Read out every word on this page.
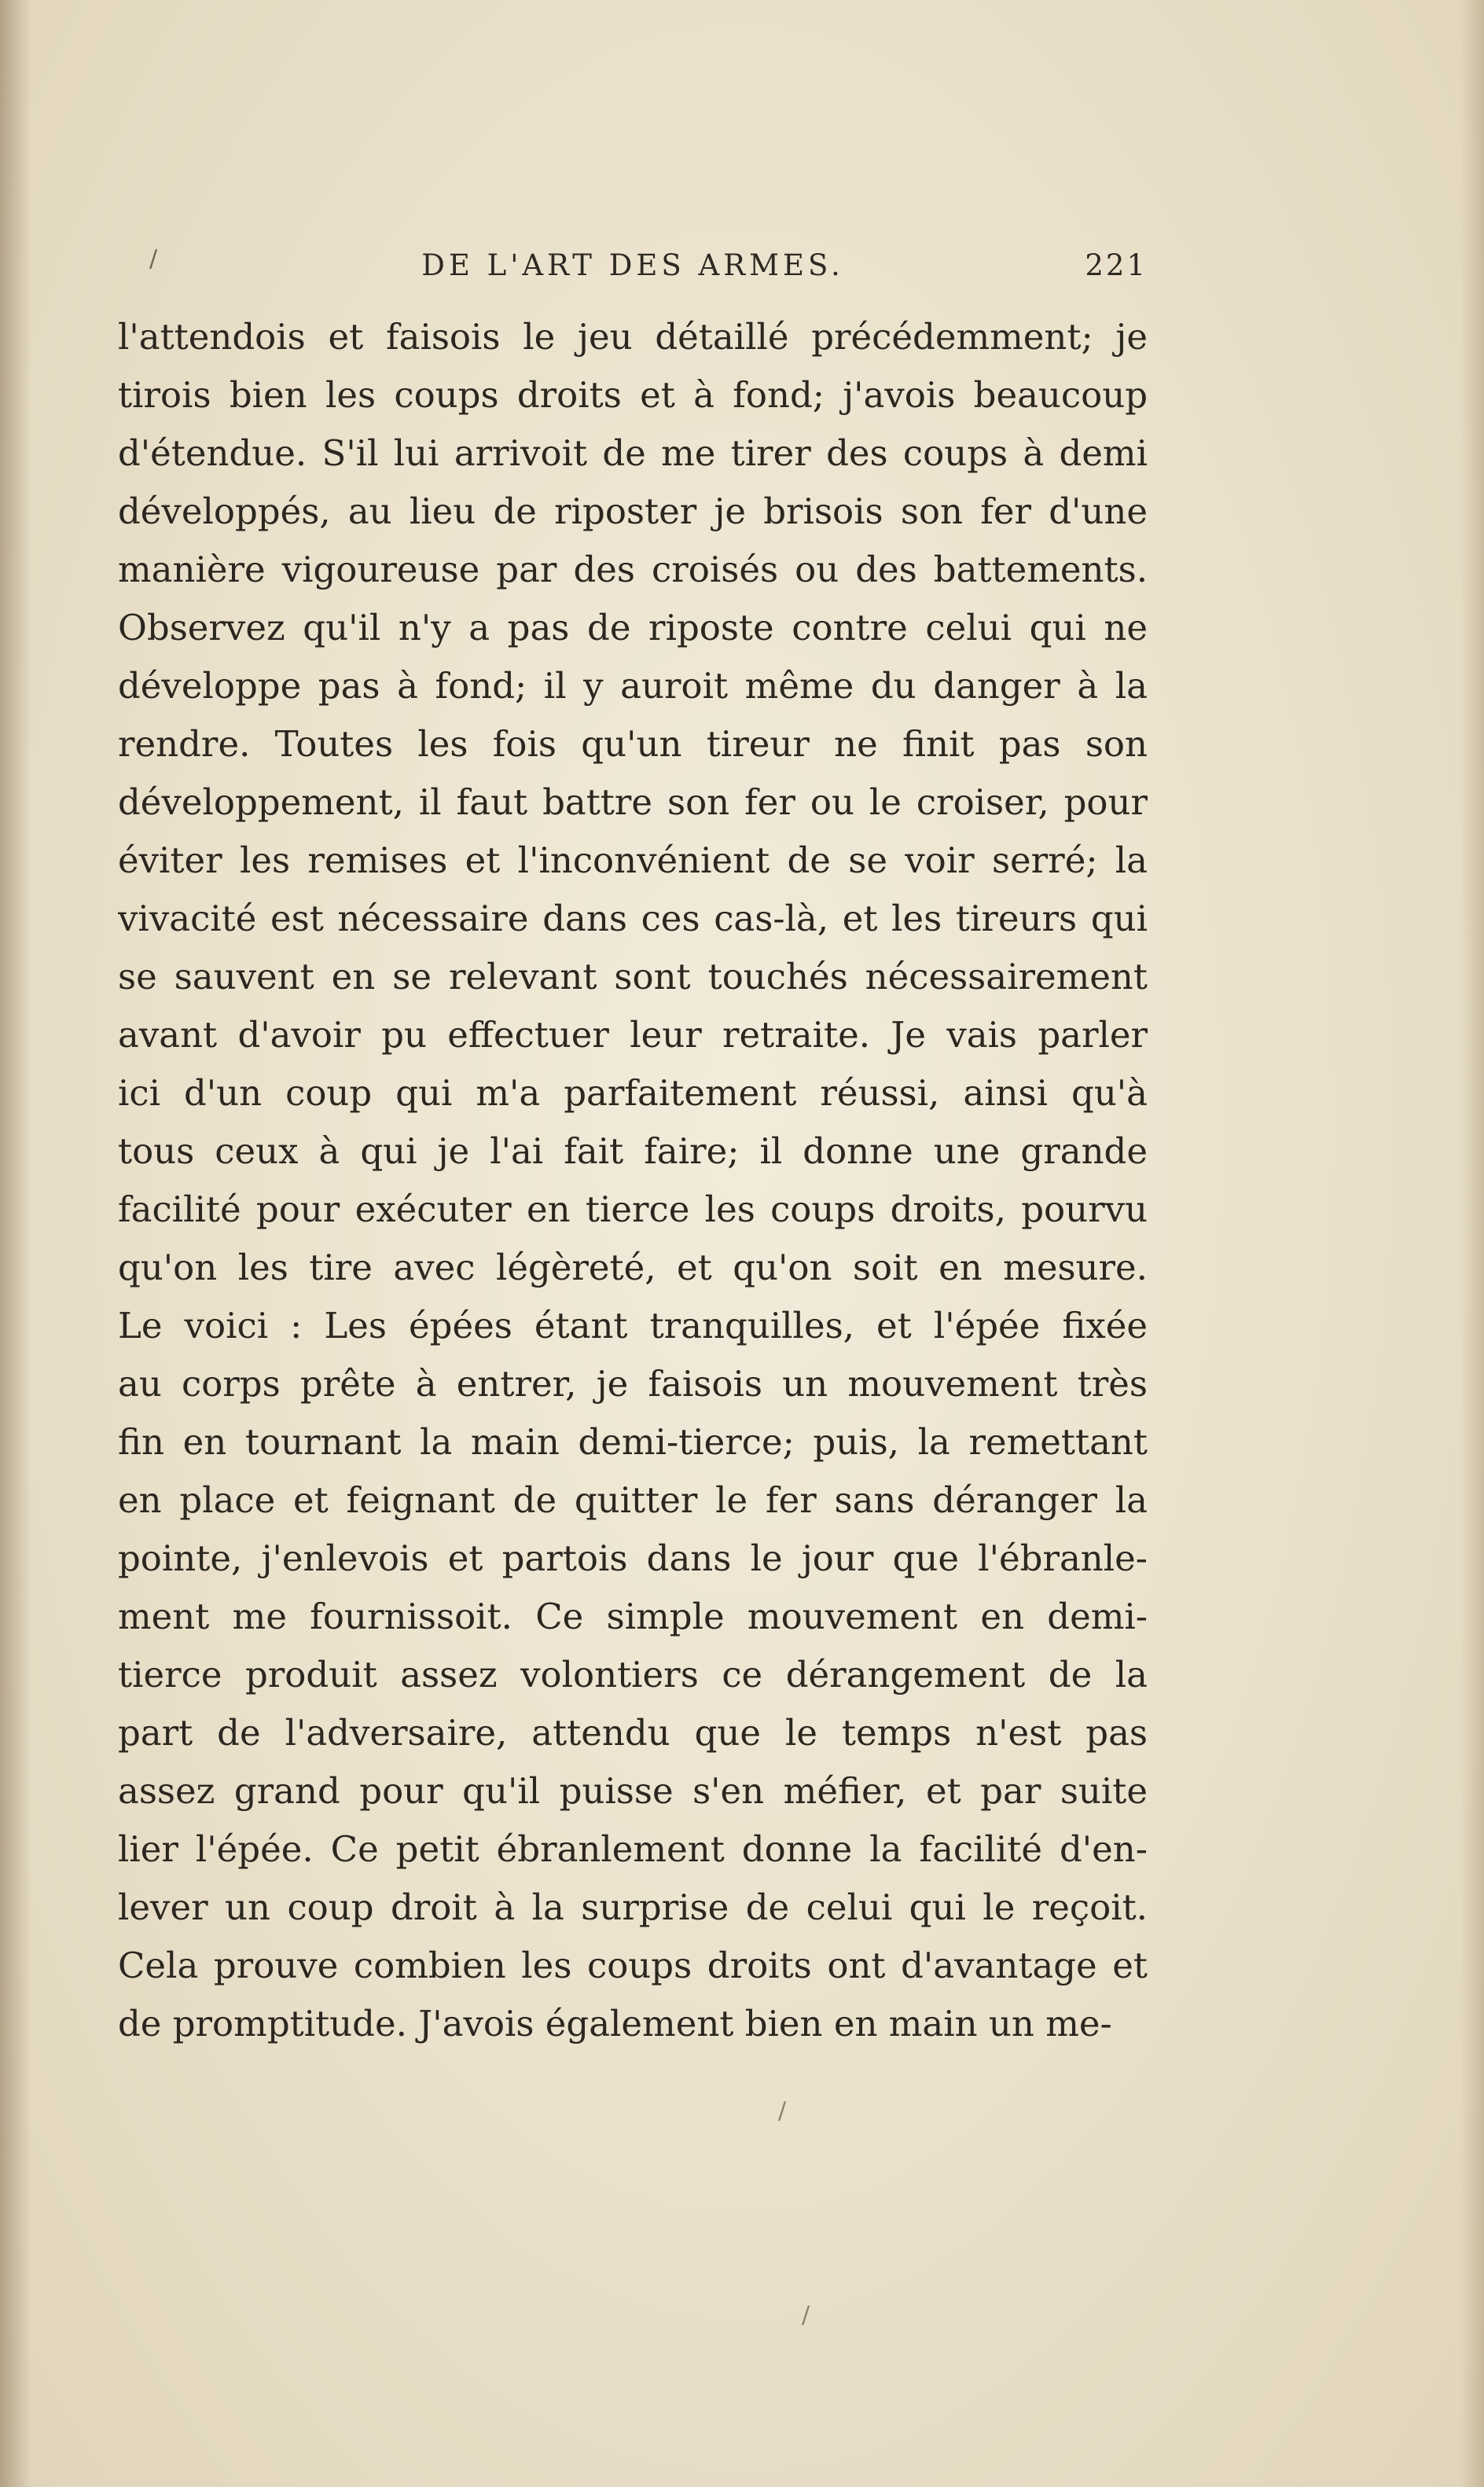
/	DE L'ART DES ARMES.	221
l'attendois et faisois le jeu détaillé précédemment; je
tirois bien les coups droits et à fond; j'avois beaucoup
d'étendue. S'il lui arrivoit de me tirer des coups à demi
développés, au lieu de riposter je brisois son fer d'une
manière vigoureuse par des croisés ou des battements.
Observez qu'il n'y a pas de riposte contre celui qui ne
développe pas à fond; il y auroit même du danger à la
rendre. Toutes les fois qu'un tireur ne finit pas son
développement, il faut battre son fer ou le croiser, pour
éviter les remises et l'inconvénient de se voir serré; la
vivacité est nécessaire dans ces cas-là, et les tireurs qui
se sauvent en se relevant sont touchés nécessairement
avant d'avoir pu effectuer leur retraite. Je vais parler
ici d'un coup qui m'a parfaitement réussi, ainsi qu'à
tous ceux à qui je l'ai fait faire; il donne une grande
facilité pour exécuter en tierce les coups droits, pourvu
qu'on les tire avec légèreté, et qu'on soit en mesure.
Le voici : Les épées étant tranquilles, et l'épée fixée
au corps prête à entrer, je faisois un mouvement très
fin en tournant la main demi-tierce; puis, la remettant
en place et feignant de quitter le fer sans déranger la
pointe, j'enlevois et partois dans le jour que l'ébranle-
ment me fournissoit. Ce simple mouvement en demi-
tierce produit assez volontiers ce dérangement de la
part de l'adversaire, attendu que le temps n'est pas
assez grand pour qu'il puisse s'en méfier, et par suite
lier l'épée. Ce petit ébranlement donne la facilité d'en-
lever un coup droit à la surprise de celui qui le reçoit.
Cela prouve combien les coups droits ont d'avantage et
de promptitude. J'avois également bien en main un me-
/
/
